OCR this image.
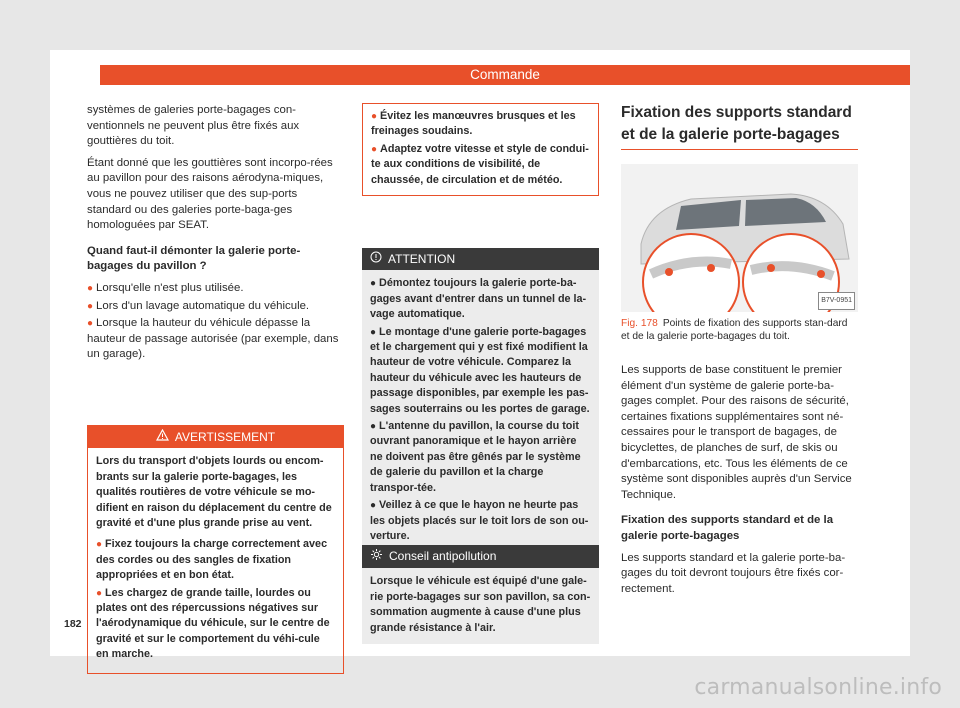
Commande

systèmes de galeries porte-bagages con-ventionnels ne peuvent plus être fixés aux gouttières du toit.

Étant donné que les gouttières sont incorpo-rées au pavillon pour des raisons aérodyna-miques, vous ne pouvez utiliser que des sup-ports standard ou des galeries porte-baga-ges homologuées par SEAT.

Quand faut-il démonter la galerie porte-bagages du pavillon ?
● Lorsqu'elle n'est plus utilisée.
● Lors d'un lavage automatique du véhicule.
● Lorsque la hauteur du véhicule dépasse la hauteur de passage autorisée (par exemple, dans un garage).
AVERTISSEMENT

Lors du transport d'objets lourds ou encom-brants sur la galerie porte-bagages, les qualités routières de votre véhicule se mo-difient en raison du déplacement du centre de gravité et d'une plus grande prise au vent.

● Fixez toujours la charge correctement avec des cordes ou des sangles de fixation appropriées et en bon état.
● Les chargez de grande taille, lourdes ou plates ont des répercussions négatives sur l'aérodynamique du véhicule, sur le centre de gravité et sur le comportement du véhi-cule en marche.
● Évitez les manœuvres brusques et les freinages soudains.
● Adaptez votre vitesse et style de condui-te aux conditions de visibilité, de chaussée, de circulation et de météo.
ATTENTION
● Démontez toujours la galerie porte-ba-gages avant d'entrer dans un tunnel de la-vage automatique.
● Le montage d'une galerie porte-bagages et le chargement qui y est fixé modifient la hauteur de votre véhicule. Comparez la hauteur du véhicule avec les hauteurs de passage disponibles, par exemple les pas-sages souterrains ou les portes de garage.
● L'antenne du pavillon, la course du toit ouvrant panoramique et le hayon arrière ne doivent pas être gênés par le système de galerie du pavillon et la charge transpor-tée.
● Veillez à ce que le hayon ne heurte pas les objets placés sur le toit lors de son ou-verture.
Conseil antipollution
Lorsque le véhicule est équipé d'une gale-rie porte-bagages sur son pavillon, sa con-sommation augmente à cause d'une plus grande résistance à l'air.
Fixation des supports standard et de la galerie porte-bagages
B7V-0951
Fig. 178 Points de fixation des supports stan-dard et de la galerie porte-bagages du toit.

Les supports de base constituent le premier élément d'un système de galerie porte-ba-gages complet. Pour des raisons de sécurité, certaines fixations supplémentaires sont né-cessaires pour le transport de bagages, de bicyclettes, de planches de surf, de skis ou d'embarcations, etc. Tous les éléments de ce système sont disponibles auprès d'un Service Technique.

Fixation des supports standard et de la galerie porte-bagages

Les supports standard et la galerie porte-ba-gages du toit devront toujours être fixés cor-rectement.

182
carmanualsonline.info
